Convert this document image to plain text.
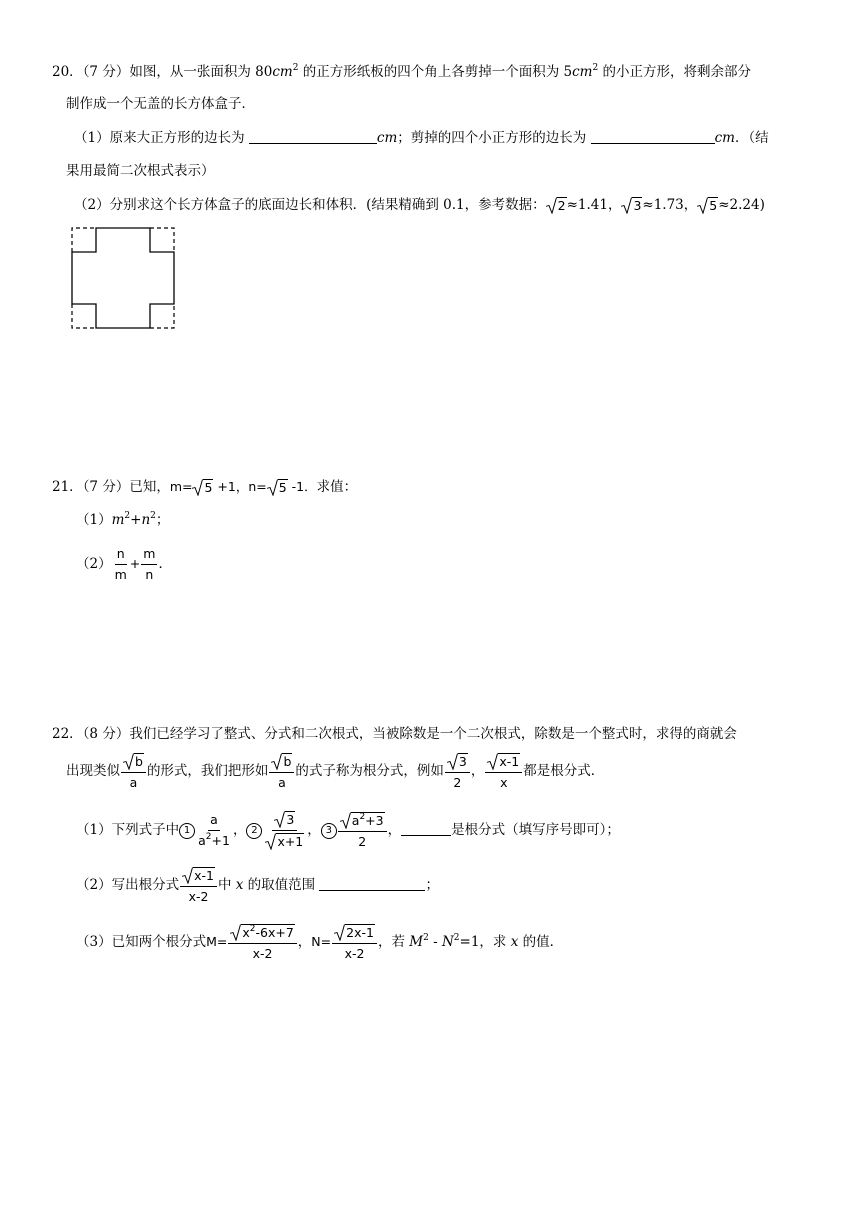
20．（7 分）如图，从一张面积为 $80cm^2$ 的正方形纸板的四个角上各剪掉一个面积为 $5cm^2$ 的小正方形，将剩余部分
制作成一个无盖的长方体盒子．
（1）原来大正方形的边长为	cm；剪掉的四个小正方形的边长为	cm．（结
果用最简二次根式表示）
（2）分别求这个长方体盒子的底面边长和体积．(结果精确到 0.1，参考数据： 2 ≈1.41， 3 ≈1.73， 5 ≈2.24)
21．（7 分）已知，m= 5 +1，n= 5 -1．求值：
$(1)m^2+n^2$；
$(2) \frac{n}{m} + \frac{m}{n}$ ．
22．（8 分）我们已经学习了整式、分式和二次根式，当被除数是一个二次根式，除数是一个整式时，求得的商就会
出现类似 $\frac{b}{a}$ 的形式，我们把形如 $\frac{b}{a}$ 的式子称为根分式，例如 $\frac{3}{2}$ ， $\frac{x-1}{x}$ 都是根分式．
（1）下列式子中 $1 \frac{a}{a^2+1}$ ， $2 \frac{3}{x+1}$ ， $3 \frac{a^2+3}{2}$ ，	是根分式（填写序号即可）；
（2）写出根分式 $\frac{x-1}{x-2}$ 中 x 的取值范围	；
（3）已知两个根分式$M= \frac{x^2-6x+7}{x-2}$ ，$N= \frac{2x-1}{x-2}$ ，若 $M^2 - N^2=1$，求 x 的值．
